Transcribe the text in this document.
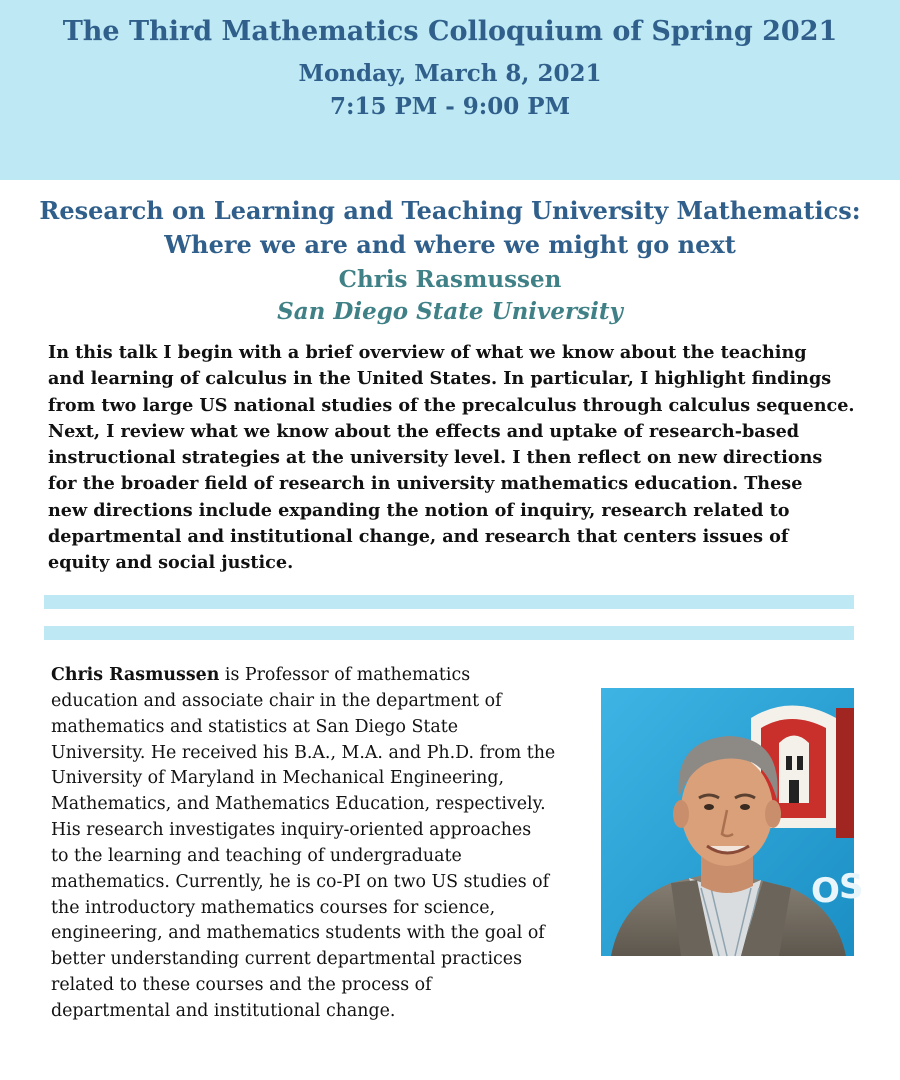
The Third Mathematics Colloquium of Spring 2021
Monday, March 8, 2021
7:15 PM - 9:00 PM
Research on Learning and Teaching University Mathematics:
Where we are and where we might go next
Chris Rasmussen
San Diego State University
In this talk I begin with a brief overview of what we know about the teaching
and learning of calculus in the United States. In particular, I highlight findings
from two large US national studies of the precalculus through calculus sequence.
Next, I review what we know about the effects and uptake of research-based
instructional strategies at the university level. I then reflect on new directions
for the broader field of research in university mathematics education. These
new directions include expanding the notion of inquiry, research related to
departmental and institutional change, and research that centers issues of
equity and social justice.
Chris Rasmussen is Professor of mathematics
education and associate chair in the department of
mathematics and statistics at San Diego State
University. He received his B.A., M.A. and Ph.D. from the
University of Maryland in Mechanical Engineering,
Mathematics, and Mathematics Education, respectively.
His research investigates inquiry-oriented approaches
to the learning and teaching of undergraduate
mathematics. Currently, he is co-PI on two US studies of
the introductory mathematics courses for science,
engineering, and mathematics students with the goal of
better understanding current departmental practices
related to these courses and the process of
departmental and institutional change.
O S
